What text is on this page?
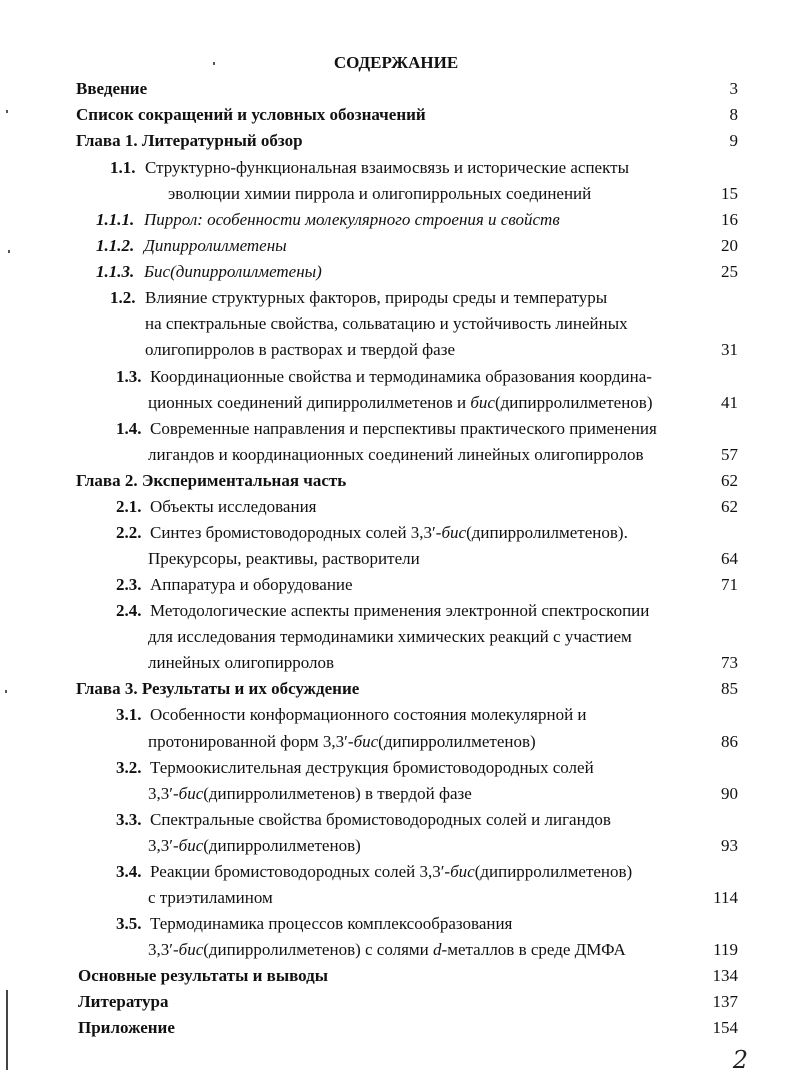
СОДЕРЖАНИЕ
Введение	3
Список сокращений и условных обозначений	8
Глава 1. Литературный обзор	9
1.1. Структурно-функциональная взаимосвязь и исторические аспекты
эволюции химии пиррола и олигопиррольных соединений	15
1.1.1. Пиррол: особенности молекулярного строения и свойств	16
1.1.2. Дипирролилметены	20
1.1.3. Бис(дипирролилметены)	25
1.2. Влияние структурных факторов, природы среды и температуры
на спектральные свойства, сольватацию и устойчивость линейных
олигопирролов в растворах и твердой фазе	31
1.3. Координационные свойства и термодинамика образования координа-
ционных соединений дипирролилметенов и бис(дипирролилметенов)	41
1.4. Современные направления и перспективы практического применения
лигандов и координационных соединений линейных олигопирролов	57
Глава 2. Экспериментальная часть	62
2.1. Объекты исследования	62
2.2. Синтез бромистоводородных солей 3,3′-бис(дипирролилметенов).
Прекурсоры, реактивы, растворители	64
2.3. Аппаратура и оборудование	71
2.4. Методологические аспекты применения электронной спектроскопии
для исследования термодинамики химических реакций с участием
линейных олигопирролов	73
Глава 3. Результаты и их обсуждение	85
3.1. Особенности конформационного состояния молекулярной и
протонированной форм 3,3′-бис(дипирролилметенов)	86
3.2. Термоокислительная деструкция бромистоводородных солей
3,3′-бис(дипирролилметенов) в твердой фазе	90
3.3. Спектральные свойства бромистоводородных солей и лигандов
3,3′-бис(дипирролилметенов)	93
3.4. Реакции бромистоводородных солей 3,3′-бис(дипирролилметенов)
с триэтиламином	114
3.5. Термодинамика процессов комплексообразования
3,3′-бис(дипирролилметенов) с солями d-металлов в среде ДМФА	119
Основные результаты и выводы	134
Литература	137
Приложение	154
2
